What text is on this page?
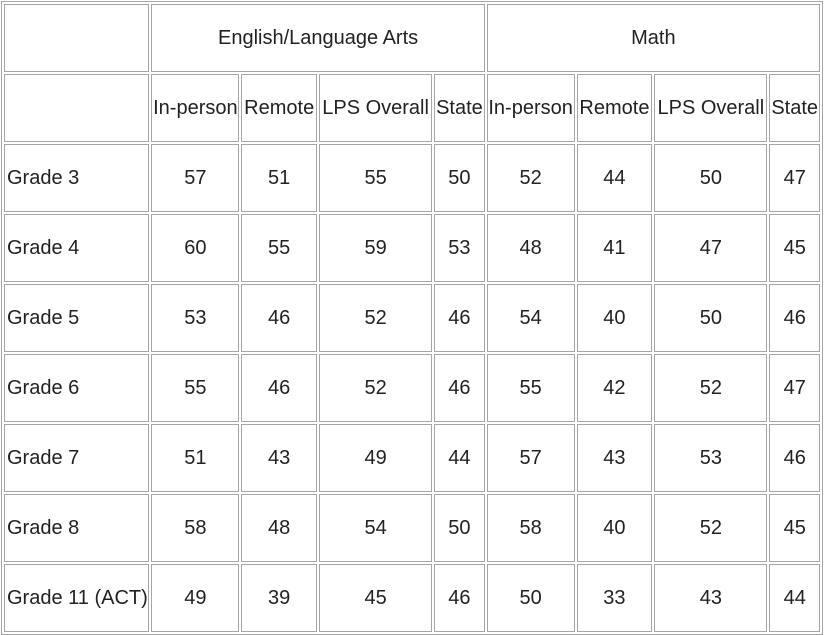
	English/Language Arts				Math			
	In-person	Remote	LPS Overall	State	In-person	Remote	LPS Overall	State
Grade 3	57	51	55	50	52	44	50	47
Grade 4	60	55	59	53	48	41	47	45
Grade 5	53	46	52	46	54	40	50	46
Grade 6	55	46	52	46	55	42	52	47
Grade 7	51	43	49	44	57	43	53	46
Grade 8	58	48	54	50	58	40	52	45
Grade 11 (ACT)	49	39	45	46	50	33	43	44
